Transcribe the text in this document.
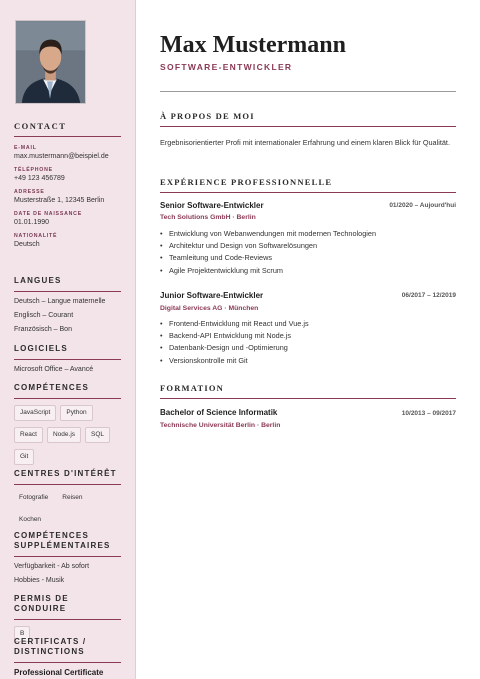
CONTACT
E-MAIL
max.mustermann@beispiel.de
TÉLÉPHONE
+49 123 456789
ADRESSE
Musterstraße 1, 12345 Berlin
DATE DE NAISSANCE
01.01.1990
NATIONALITÉ
Deutsch
LANGUES
Deutsch – Langue maternelle
Englisch – Courant
Französisch – Bon
LOGICIELS
Microsoft Office – Avancé
COMPÉTENCES
JavaScript	Python
React	Node.js	SQL
Git
CENTRES D'INTÉRÊT
Fotografie	Reisen
Kochen
COMPÉTENCES
SUPPLÉMENTAIRES
Verfügbarkeit - Ab sofort
Hobbies - Musik
PERMIS DE CONDUIRE
B
CERTIFICATS /
DISTINCTIONS
Professional Certificate
Max Mustermann
SOFTWARE-ENTWICKLER
À PROPOS DE MOI
Ergebnisorientierter Profi mit internationaler Erfahrung und einem klaren Blick für Qualität.
EXPÉRIENCE PROFESSIONNELLE
Senior Software-Entwickler	01/2020 – Aujourd'hui
Tech Solutions GmbH · Berlin
• Entwicklung von Webanwendungen mit modernen Technologien
• Architektur und Design von Softwarelösungen
• Teamleitung und Code-Reviews
• Agile Projektentwicklung mit Scrum
Junior Software-Entwickler	06/2017 – 12/2019
Digital Services AG · München
• Frontend-Entwicklung mit React und Vue.js
• Backend-API Entwicklung mit Node.js
• Datenbank-Design und -Optimierung
• Versionskontrolle mit Git
FORMATION
Bachelor of Science Informatik	10/2013 – 09/2017
Technische Universität Berlin · Berlin
